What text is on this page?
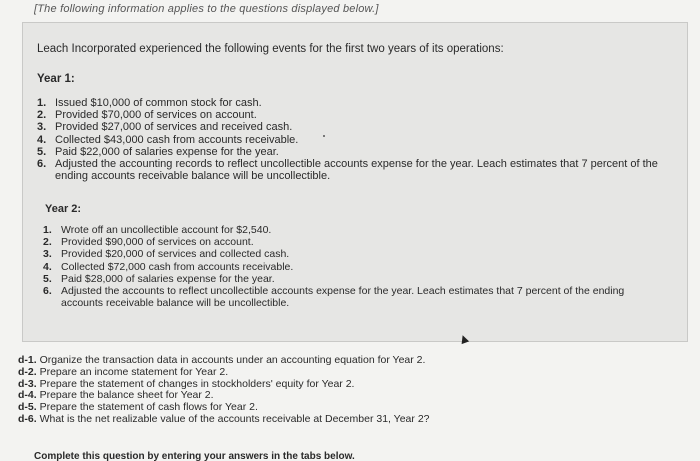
[The following information applies to the questions displayed below.]
Leach Incorporated experienced the following events for the first two years of its operations:
Year 1:
1. Issued $10,000 of common stock for cash.
2. Provided $70,000 of services on account.
3. Provided $27,000 of services and received cash.
4. Collected $43,000 cash from accounts receivable.
5. Paid $22,000 of salaries expense for the year.
6. Adjusted the accounting records to reflect uncollectible accounts expense for the year. Leach estimates that 7 percent of the ending accounts receivable balance will be uncollectible.
Year 2:
1. Wrote off an uncollectible account for $2,540.
2. Provided $90,000 of services on account.
3. Provided $20,000 of services and collected cash.
4. Collected $72,000 cash from accounts receivable.
5. Paid $28,000 of salaries expense for the year.
6. Adjusted the accounts to reflect uncollectible accounts expense for the year. Leach estimates that 7 percent of the ending accounts receivable balance will be uncollectible.
d-1. Organize the transaction data in accounts under an accounting equation for Year 2.
d-2. Prepare an income statement for Year 2.
d-3. Prepare the statement of changes in stockholders' equity for Year 2.
d-4. Prepare the balance sheet for Year 2.
d-5. Prepare the statement of cash flows for Year 2.
d-6. What is the net realizable value of the accounts receivable at December 31, Year 2?
Complete this question by entering your answers in the tabs below.
